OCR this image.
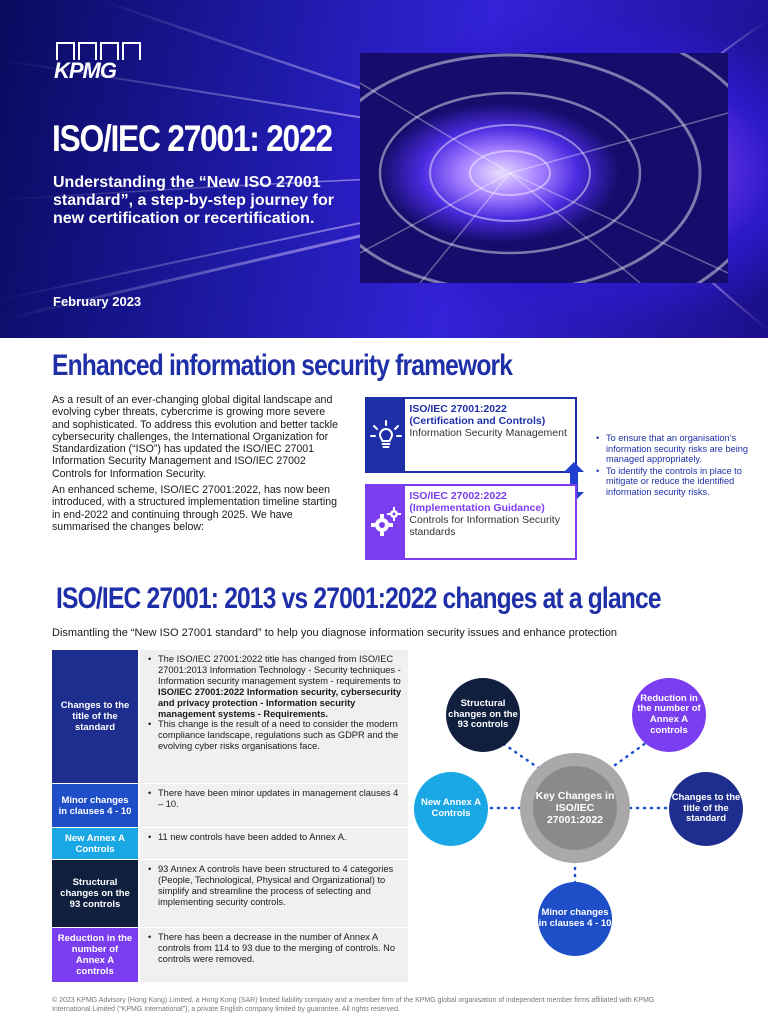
KPMG
ISO/IEC 27001: 2022
Understanding the “New ISO 27001 standard”, a step-by-step journey for new certification or recertification.
February 2023
Enhanced information security framework

As a result of an ever-changing global digital landscape and evolving cyber threats, cybercrime is growing more severe and sophisticated. To address this evolution and better tackle cybersecurity challenges, the International Organization for Standardization (“ISO”) has updated the ISO/IEC 27001 Information Security Management and ISO/IEC 27002 Controls for Information Security.

An enhanced scheme, ISO/IEC 27001:2022, has now been introduced, with a structured implementation timeline starting in end-2022 and continuing through 2025. We have summarised the changes below:

ISO/IEC 27001:2022 (Certification and Controls)
Information Security Management
ISO/IEC 27002:2022 (Implementation Guidance)
Controls for Information Security standards
• To ensure that an organisation’s information security risks are being managed appropriately.
• To identify the controls in place to mitigate or reduce the identified information security risks.
ISO/IEC 27001: 2013 vs 27001:2022 changes at a glance
Dismantling the “New ISO 27001 standard” to help you diagnose information security issues and enhance protection
Changes to the title of the standard
• The ISO/IEC 27001:2022 title has changed from ISO/IEC 27001:2013 Information Technology - Security techniques - Information security management system - requirements to ISO/IEC 27001:2022 Information security, cybersecurity and privacy protection - Information security management systems - Requirements.
• This change is the result of a need to consider the modern compliance landscape, regulations such as GDPR and the evolving cyber risks organisations face.
Minor changes in clauses 4 - 10
• There have been minor updates in management clauses 4 – 10.
New Annex A Controls
• 11 new controls have been added to Annex A.
Structural changes on the 93 controls
• 93 Annex A controls have been structured to 4 categories (People, Technological, Physical and Organizational) to simplify and streamline the process of selecting and implementing security controls.
Reduction in the number of Annex A controls
• There has been a decrease in the number of Annex A controls from 114 to 93 due to the merging of controls. No controls were removed.
Key Changes in ISO/IEC 27001:2022
Structural changes on the 93 controls
Reduction in the number of Annex A controls
New Annex A Controls
Changes to the title of the standard
Minor changes in clauses 4 - 10
© 2023 KPMG Advisory (Hong Kong) Limited, a Hong Kong (SAR) limited liability company and a member firm of the KPMG global organisation of independent member firms affiliated with KPMG International Limited (“KPMG International”), a private English company limited by guarantee. All rights reserved.
